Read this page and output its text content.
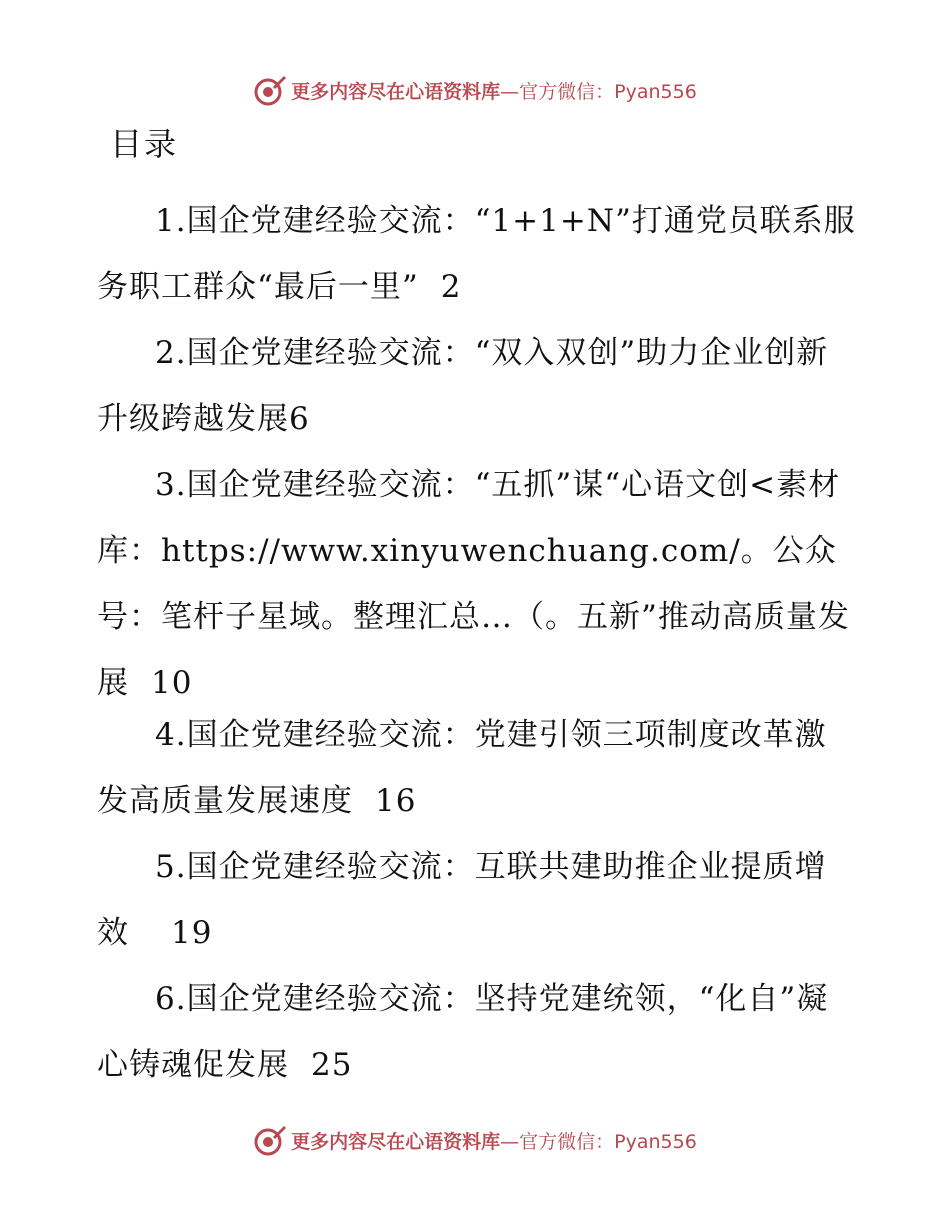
更多内容尽在心语资料库 —官方微信：Pyan556
目录

1.国企党建经验交流：“1+1+N”打通党员联系服务职工群众“最后一里” 2

2.国企党建经验交流：“双入双创”助力企业创新升级跨越发展6

3.国企党建经验交流：“五抓”谋“心语文创<素材库：https://www.xinyuwenchuang.com/。公众号：笔杆子星域。整理汇总…（。五新”推动高质量发展 10

4.国企党建经验交流：党建引领三项制度改革激发高质量发展速度 16

5.国企党建经验交流：互联共建助推企业提质增效 19

6.国企党建经验交流：坚持党建统领，“化自”凝心铸魂促发展 25

更多内容尽在心语资料库 —官方微信：Pyan556
